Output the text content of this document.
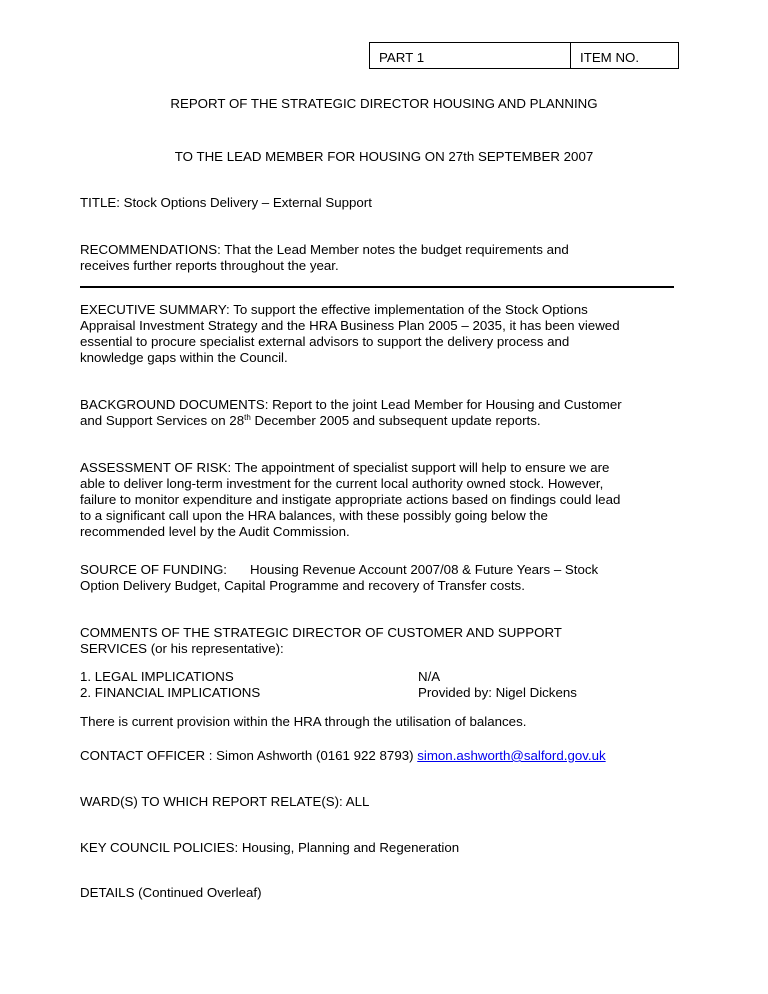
PART 1	ITEM NO.
REPORT OF THE STRATEGIC DIRECTOR HOUSING AND PLANNING
TO THE LEAD MEMBER FOR HOUSING ON 27th SEPTEMBER 2007
TITLE: Stock Options Delivery – External Support
RECOMMENDATIONS: That the Lead Member notes the budget requirements and
receives further reports throughout the year.
EXECUTIVE SUMMARY: To support the effective implementation of the Stock Options
Appraisal Investment Strategy and the HRA Business Plan 2005 – 2035, it has been viewed
essential to procure specialist external advisors to support the delivery process and
knowledge gaps within the Council.
BACKGROUND DOCUMENTS: Report to the joint Lead Member for Housing and Customer
and Support Services on 28th December 2005 and subsequent update reports.
ASSESSMENT OF RISK: The appointment of specialist support will help to ensure we are
able to deliver long-term investment for the current local authority owned stock. However,
failure to monitor expenditure and instigate appropriate actions based on findings could lead
to a significant call upon the HRA balances, with these possibly going below the
recommended level by the Audit Commission.
SOURCE OF FUNDING: Housing Revenue Account 2007/08 & Future Years – Stock
Option Delivery Budget, Capital Programme and recovery of Transfer costs.
COMMENTS OF THE STRATEGIC DIRECTOR OF CUSTOMER AND SUPPORT
SERVICES (or his representative):
1. LEGAL IMPLICATIONS	N/A
2. FINANCIAL IMPLICATIONS	Provided by: Nigel Dickens
There is current provision within the HRA through the utilisation of balances.
CONTACT OFFICER : Simon Ashworth (0161 922 8793) simon.ashworth@salford.gov.uk
WARD(S) TO WHICH REPORT RELATE(S): ALL
KEY COUNCIL POLICIES: Housing, Planning and Regeneration
DETAILS (Continued Overleaf)
